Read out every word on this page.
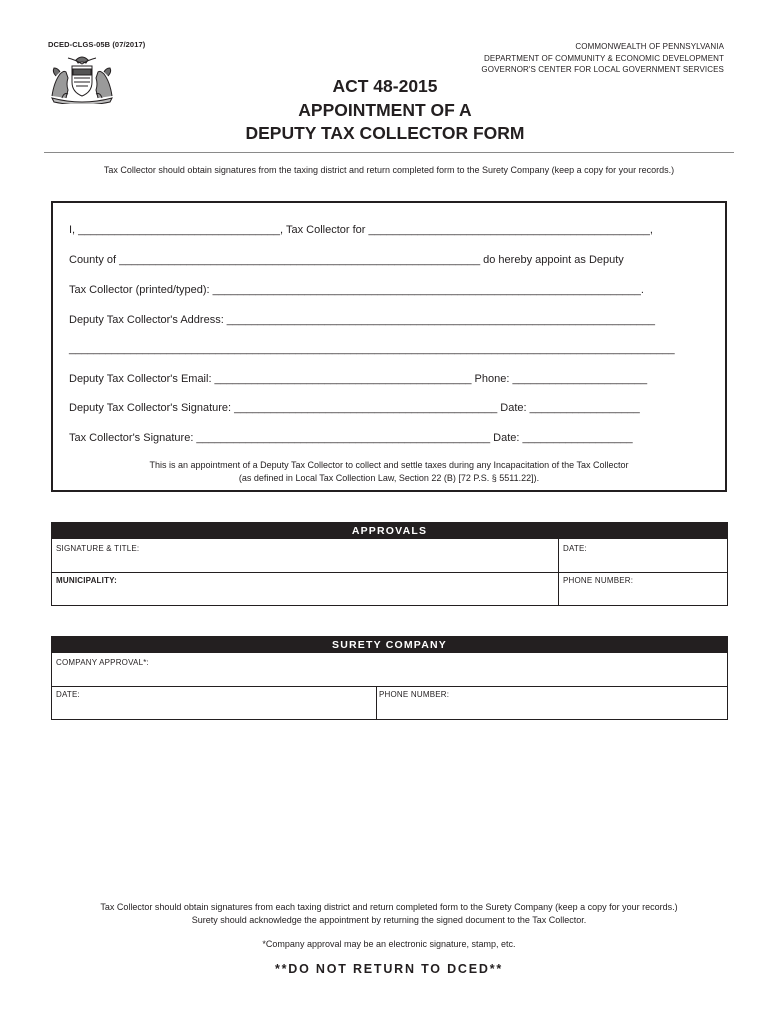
DCED-CLGS-05B (07/2017)	COMMONWEALTH OF PENNSYLVANIA
DEPARTMENT OF COMMUNITY & ECONOMIC DEVELOPMENT
GOVERNOR'S CENTER FOR LOCAL GOVERNMENT SERVICES
ACT 48-2015
APPOINTMENT OF A
DEPUTY TAX COLLECTOR FORM
Tax Collector should obtain signatures from the taxing district and return completed form to the Surety Company (keep a copy for your records.)
I, _________________________________, Tax Collector for ______________________________________________,
County of ___________________________________________________________ do hereby appoint as Deputy
Tax Collector (printed/typed): ______________________________________________________________________.
Deputy Tax Collector's Address: ______________________________________________________________________
___________________________________________________________________________________________________
Deputy Tax Collector's Email: __________________________________________ Phone: ______________________
Deputy Tax Collector's Signature: ___________________________________________ Date: __________________
Tax Collector's Signature: ________________________________________________ Date: __________________
This is an appointment of a Deputy Tax Collector to collect and settle taxes during any Incapacitation of the Tax Collector
(as defined in Local Tax Collection Law, Section 22 (B) [72 P.S. § 5511.22]).
APPROVALS
SIGNATURE & TITLE:	DATE:
MUNICIPALITY:	PHONE NUMBER:
SURETY COMPANY
COMPANY APPROVAL*:
DATE:	PHONE NUMBER:
Tax Collector should obtain signatures from each taxing district and return completed form to the Surety Company (keep a copy for your records.)
Surety should acknowledge the appointment by returning the signed document to the Tax Collector.
*Company approval may be an electronic signature, stamp, etc.
**DO NOT RETURN TO DCED**
